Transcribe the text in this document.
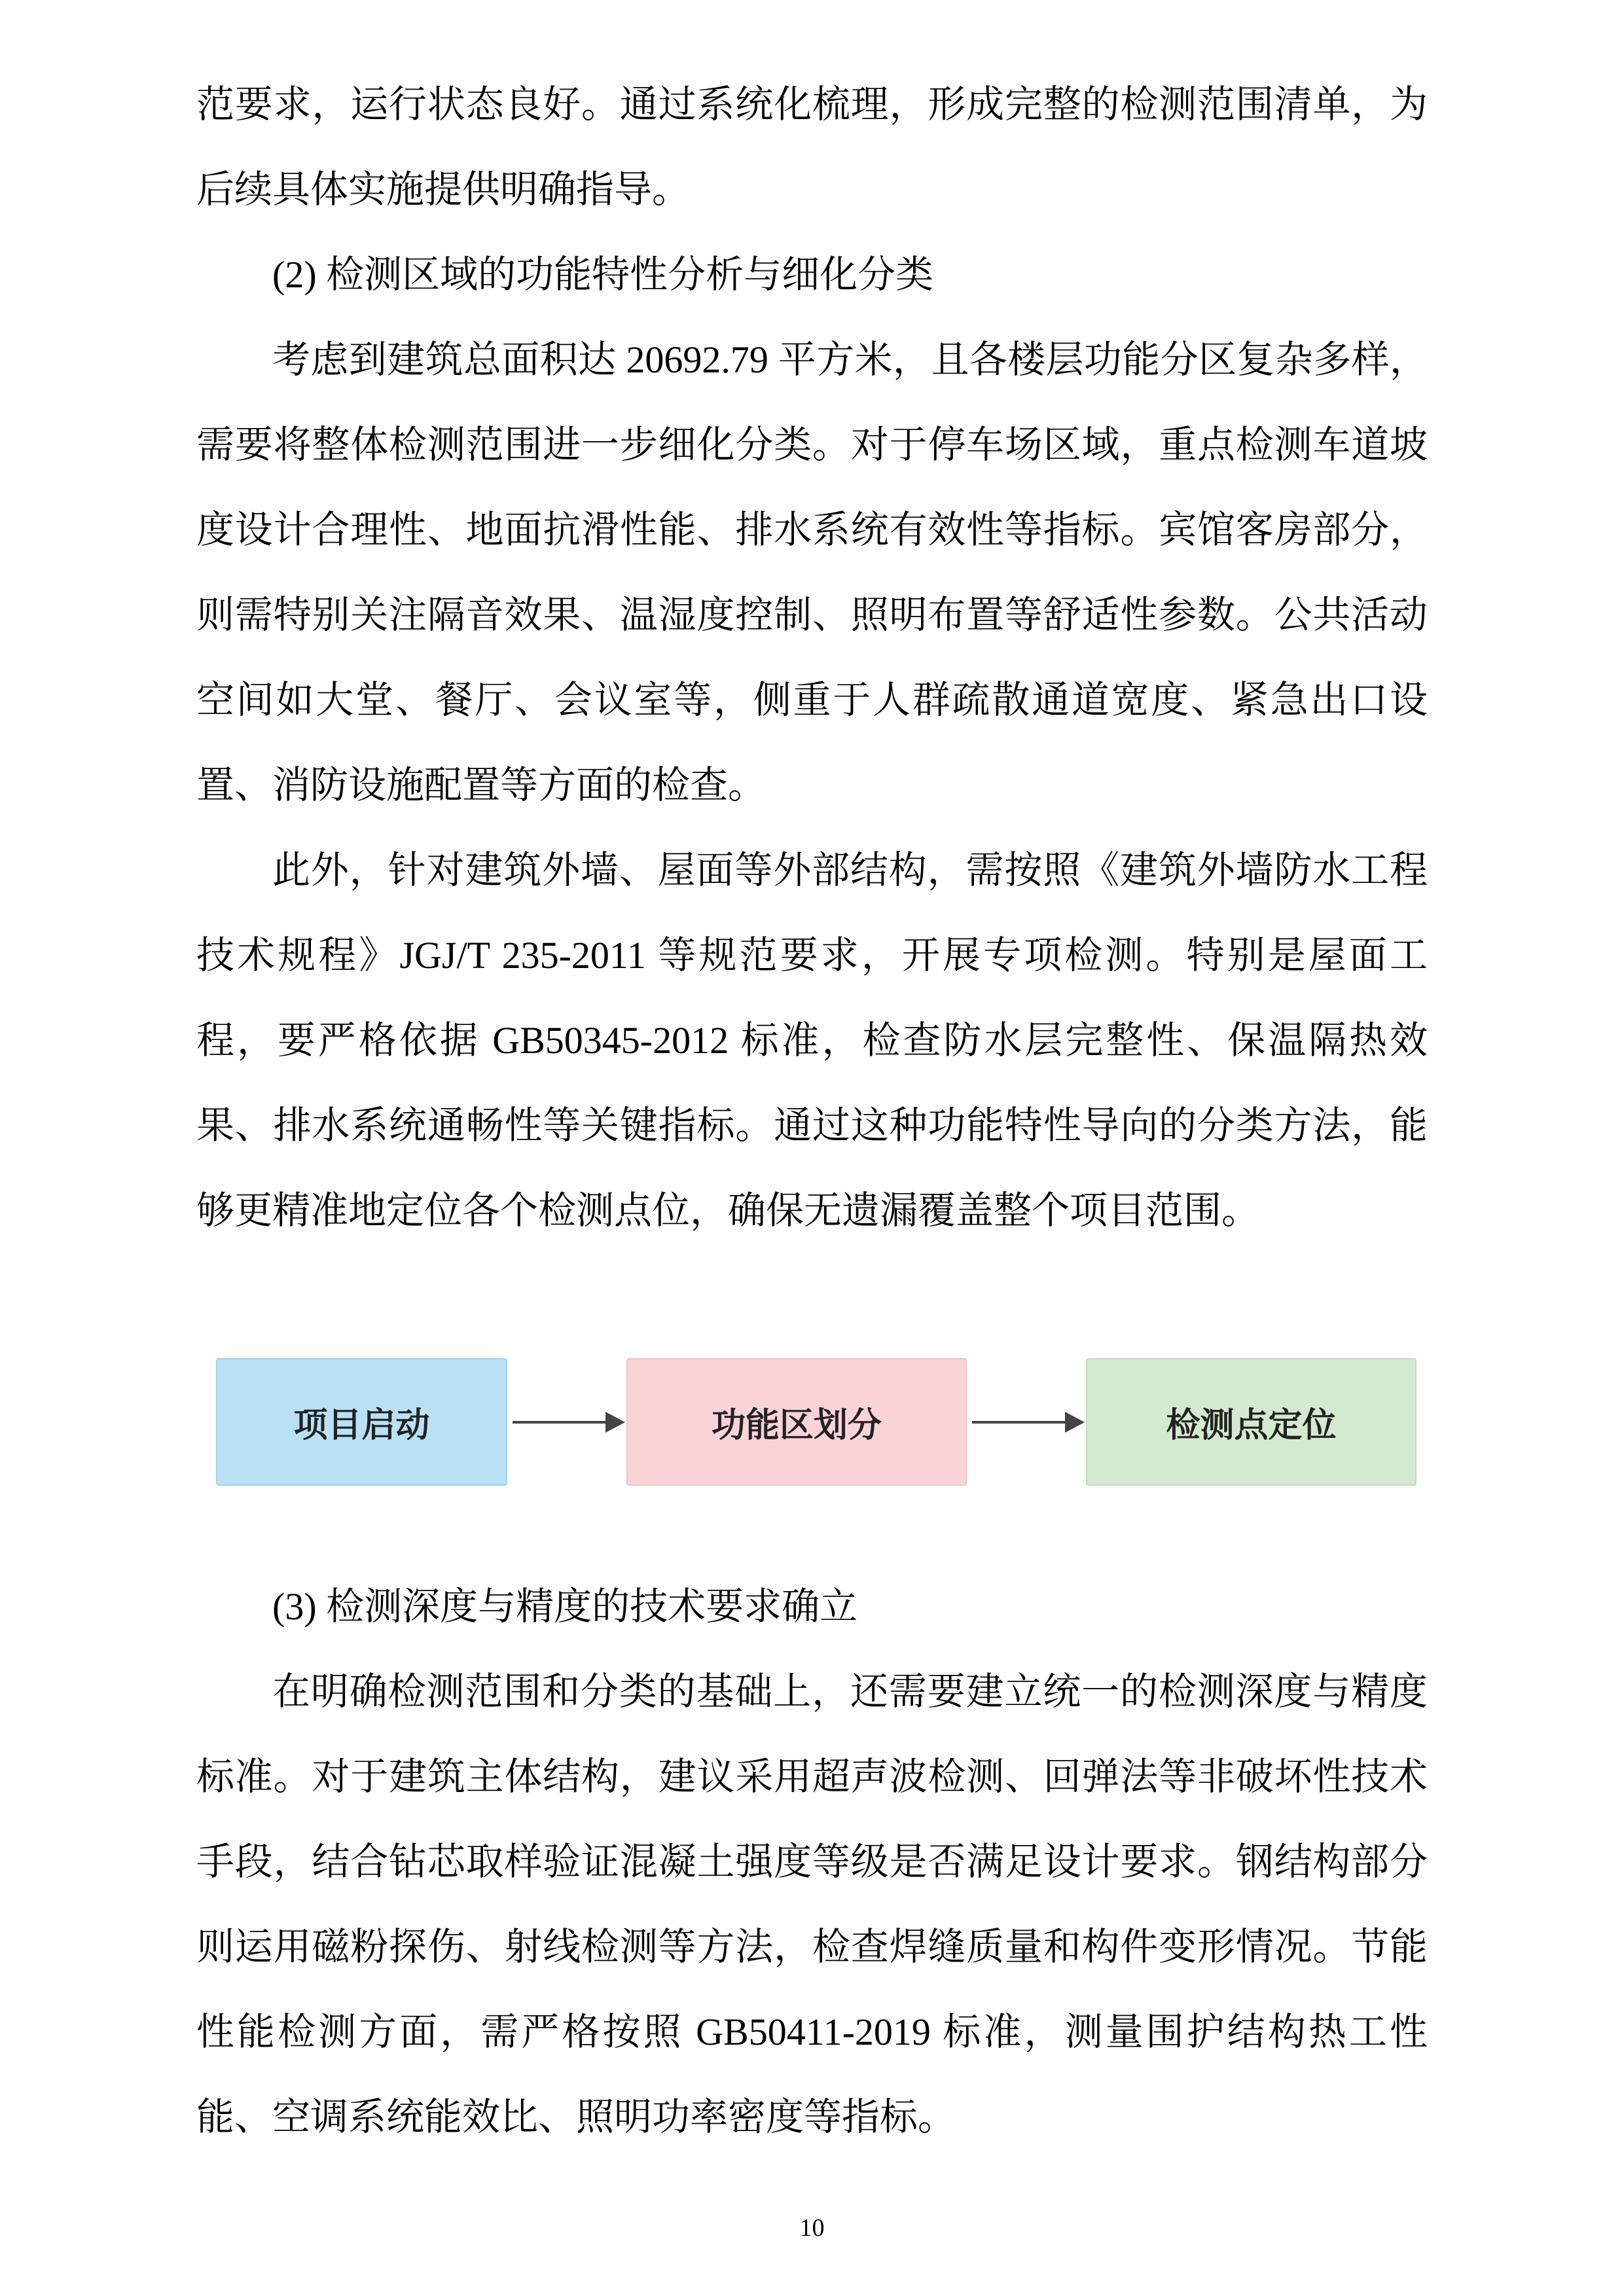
范要求，运行状态良好。通过系统化梳理，形成完整的检测范围清单，为后续具体实施提供明确指导。

(2) 检测区域的功能特性分析与细化分类

考虑到建筑总面积达 20692.79 平方米，且各楼层功能分区复杂多样，需要将整体检测范围进一步细化分类。对于停车场区域，重点检测车道坡度设计合理性、地面抗滑性能、排水系统有效性等指标。宾馆客房部分，则需特别关注隔音效果、温湿度控制、照明布置等舒适性参数。公共活动空间如大堂、餐厅、会议室等，侧重于人群疏散通道宽度、紧急出口设置、消防设施配置等方面的检查。

此外，针对建筑外墙、屋面等外部结构，需按照《建筑外墙防水工程技术规程》JGJ/T 235-2011 等规范要求，开展专项检测。特别是屋面工程，要严格依据 GB50345-2012 标准，检查防水层完整性、保温隔热效果、排水系统通畅性等关键指标。通过这种功能特性导向的分类方法，能够更精准地定位各个检测点位，确保无遗漏覆盖整个项目范围。

项目启动	功能区划分	检测点定位

(3) 检测深度与精度的技术要求确立

在明确检测范围和分类的基础上，还需要建立统一的检测深度与精度标准。对于建筑主体结构，建议采用超声波检测、回弹法等非破坏性技术手段，结合钻芯取样验证混凝土强度等级是否满足设计要求。钢结构部分则运用磁粉探伤、射线检测等方法，检查焊缝质量和构件变形情况。节能性能检测方面，需严格按照 GB50411-2019 标准，测量围护结构热工性能、空调系统能效比、照明功率密度等指标。

10
